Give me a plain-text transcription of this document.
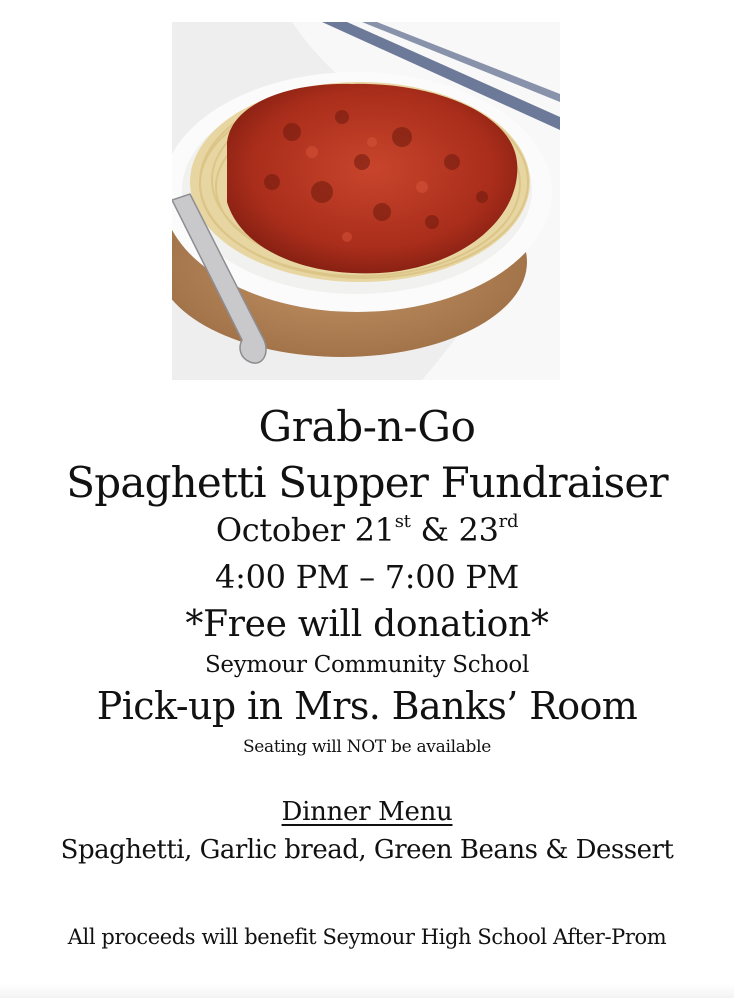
Grab-n-Go
Spaghetti Supper Fundraiser
October 21st & 23rd
4:00 PM – 7:00 PM
*Free will donation*
Seymour Community School
Pick-up in Mrs. Banks’ Room
Seating will NOT be available
Dinner Menu
Spaghetti, Garlic bread, Green Beans & Dessert
All proceeds will benefit Seymour High School After-Prom
